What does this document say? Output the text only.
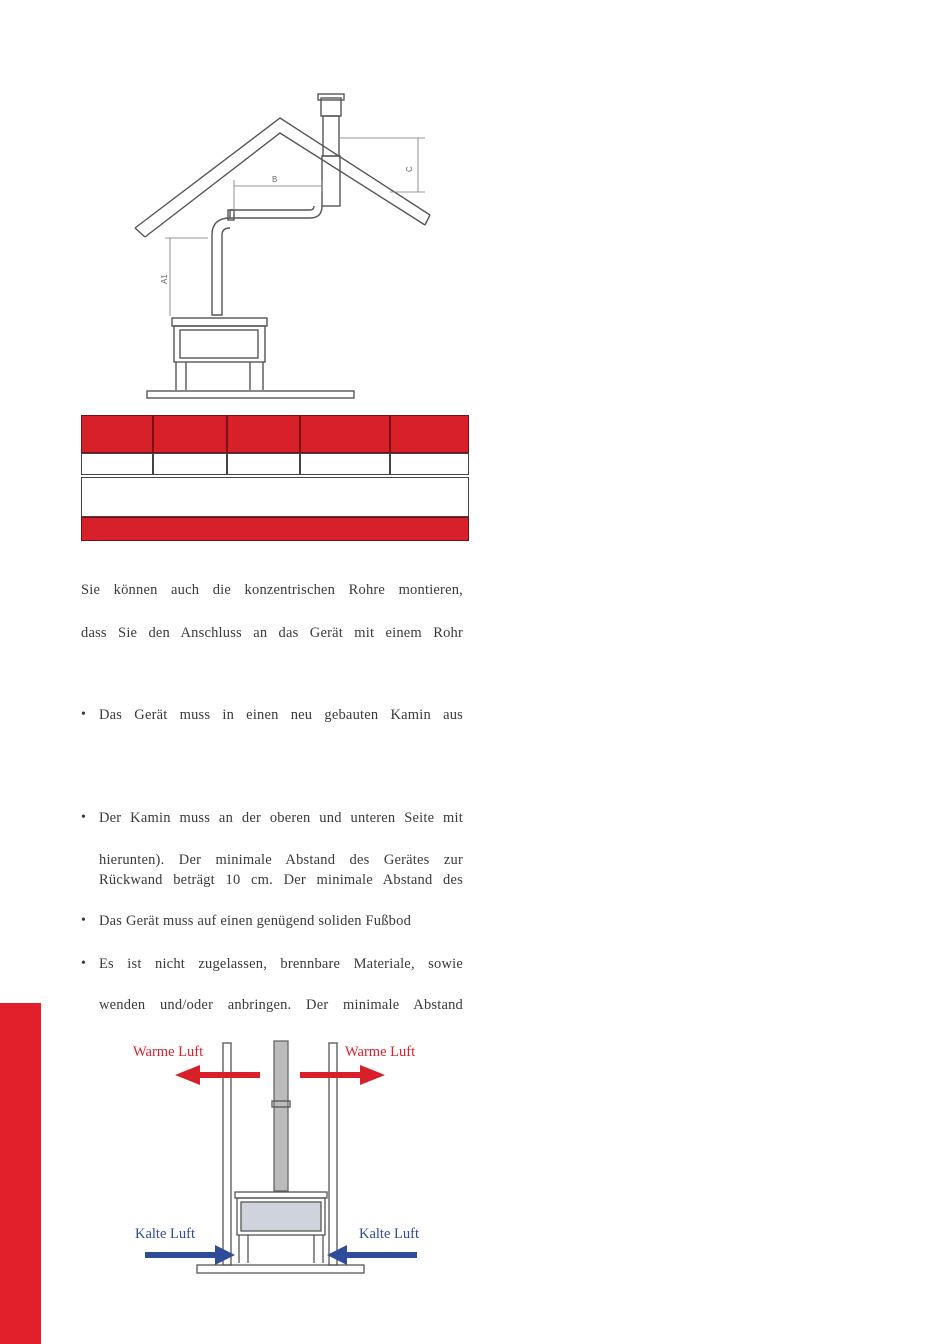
B
A1
C
Sie können auch die konzentrischen Rohre montieren,
dass Sie den Anschluss an das Gerät mit einem Rohr
• Das Gerät muss in einen neu gebauten Kamin aus
• Der Kamin muss an der oberen und unteren Seite mit
hierunten). Der minimale Abstand des Gerätes zur
Rückwand beträgt 10 cm. Der minimale Abstand des
• Das Gerät muss auf einen genügend soliden Fußbod
• Es ist nicht zugelassen, brennbare Materiale, sowie
wenden und/oder anbringen. Der minimale Abstand
Warme Luft	Warme Luft
Kalte Luft	Kalte Luft
